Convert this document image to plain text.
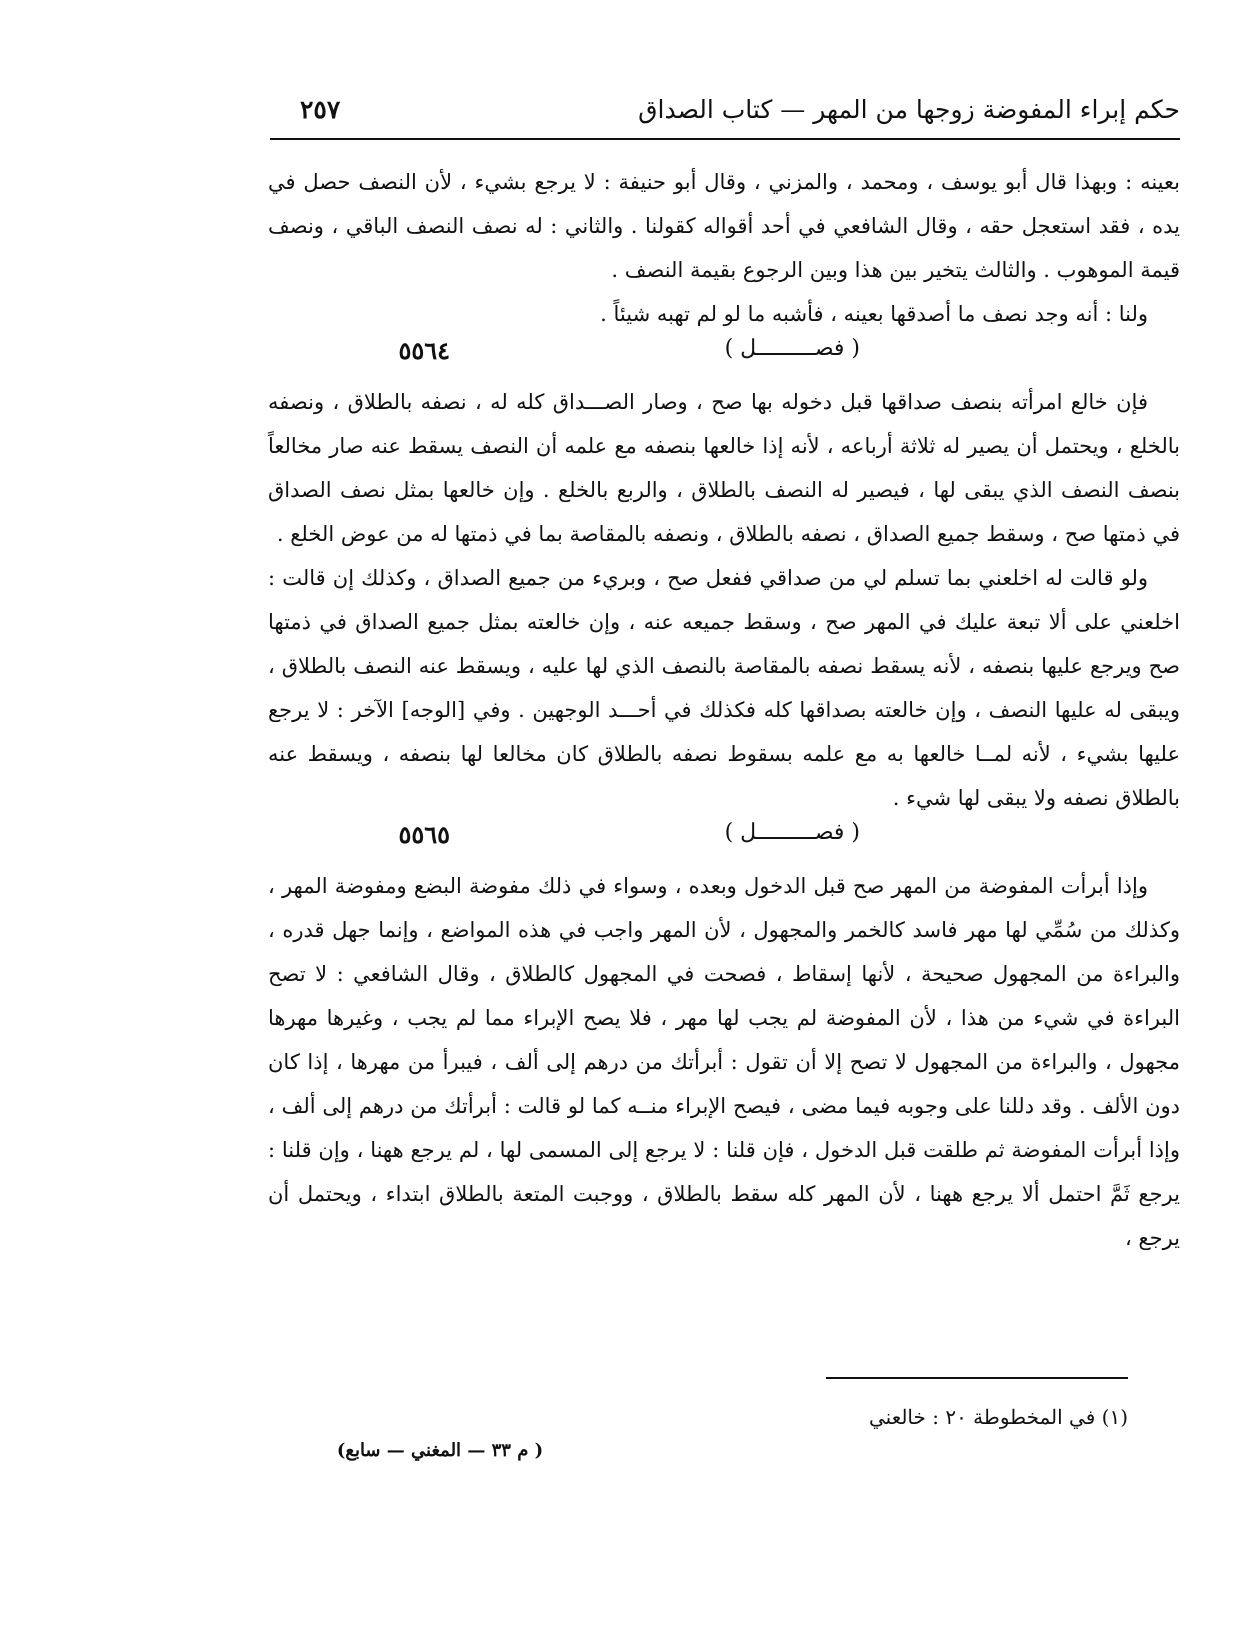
حكم إبراء المفوضة زوجها من المهر — كتاب الصداق
٢٥٧

بعينه : وبهذا قال أبو يوسف ، ومحمد ، والمزني ، وقال أبو حنيفة : لا يرجع بشيء ، لأن النصف حصل في يده ، فقد استعجل حقه ، وقال الشافعي في أحد أقواله كقولنا . والثاني : له نصف النصف الباقي ، ونصف قيمة الموهوب . والثالث يتخير بين هذا وبين الرجوع بقيمة النصف .

ولنا : أنه وجد نصف ما أصدقها بعينه ، فأشبه ما لو لم تهبه شيئاً .

٥٥٦٤	( فصـــــــــل )

فإن خالع امرأته بنصف صداقها قبل دخوله بها صح ، وصار الصـــداق كله له ، نصفه بالطلاق ، ونصفه بالخلع ، ويحتمل أن يصير له ثلاثة أرباعه ، لأنه إذا خالعها بنصفه مع علمه أن النصف يسقط عنه صار مخالعاً بنصف النصف الذي يبقى لها ، فيصير له النصف بالطلاق ، والربع بالخلع . وإن خالعها بمثل نصف الصداق في ذمتها صح ، وسقط جميع الصداق ، نصفه بالطلاق ، ونصفه بالمقاصة بما في ذمتها له من عوض الخلع .

ولو قالت له اخلعني بما تسلم لي من صداقي ففعل صح ، وبريء من جميع الصداق ، وكذلك إن قالت : اخلعني على ألا تبعة عليك في المهر صح ، وسقط جميعه عنه ، وإن خالعته بمثل جميع الصداق في ذمتها صح ويرجع عليها بنصفه ، لأنه يسقط نصفه بالمقاصة بالنصف الذي لها عليه ، ويسقط عنه النصف بالطلاق ، ويبقى له عليها النصف ، وإن خالعته بصداقها كله فكذلك في أحـــد الوجهين . وفي [الوجه] الآخر : لا يرجع عليها بشيء ، لأنه لمــا خالعها به مع علمه بسقوط نصفه بالطلاق كان مخالعا لها بنصفه ، ويسقط عنه بالطلاق نصفه ولا يبقى لها شيء .

٥٥٦٥	( فصـــــــــل )

وإذا أبرأت المفوضة من المهر صح قبل الدخول وبعده ، وسواء في ذلك مفوضة البضع ومفوضة المهر ، وكذلك من سُمِّي لها مهر فاسد كالخمر والمجهول ، لأن المهر واجب في هذه المواضع ، وإنما جهل قدره ، والبراءة من المجهول صحيحة ، لأنها إسقاط ، فصحت في المجهول كالطلاق ، وقال الشافعي : لا تصح البراءة في شيء من هذا ، لأن المفوضة لم يجب لها مهر ، فلا يصح الإبراء مما لم يجب ، وغيرها مهرها مجهول ، والبراءة من المجهول لا تصح إلا أن تقول : أبرأتك من درهم إلى ألف ، فيبرأ من مهرها ، إذا كان دون الألف . وقد دللنا على وجوبه فيما مضى ، فيصح الإبراء منــه كما لو قالت : أبرأتك من درهم إلى ألف ، وإذا أبرأت المفوضة ثم طلقت قبل الدخول ، فإن قلنا : لا يرجع إلى المسمى لها ، لم يرجع ههنا ، وإن قلنا : يرجع ثَمَّ احتمل ألا يرجع ههنا ، لأن المهر كله سقط بالطلاق ، ووجبت المتعة بالطلاق ابتداء ، ويحتمل أن يرجع ،

(١) في المخطوطة ٢٠ : خالعني
( م ٣٣ — المغني — سابع)
